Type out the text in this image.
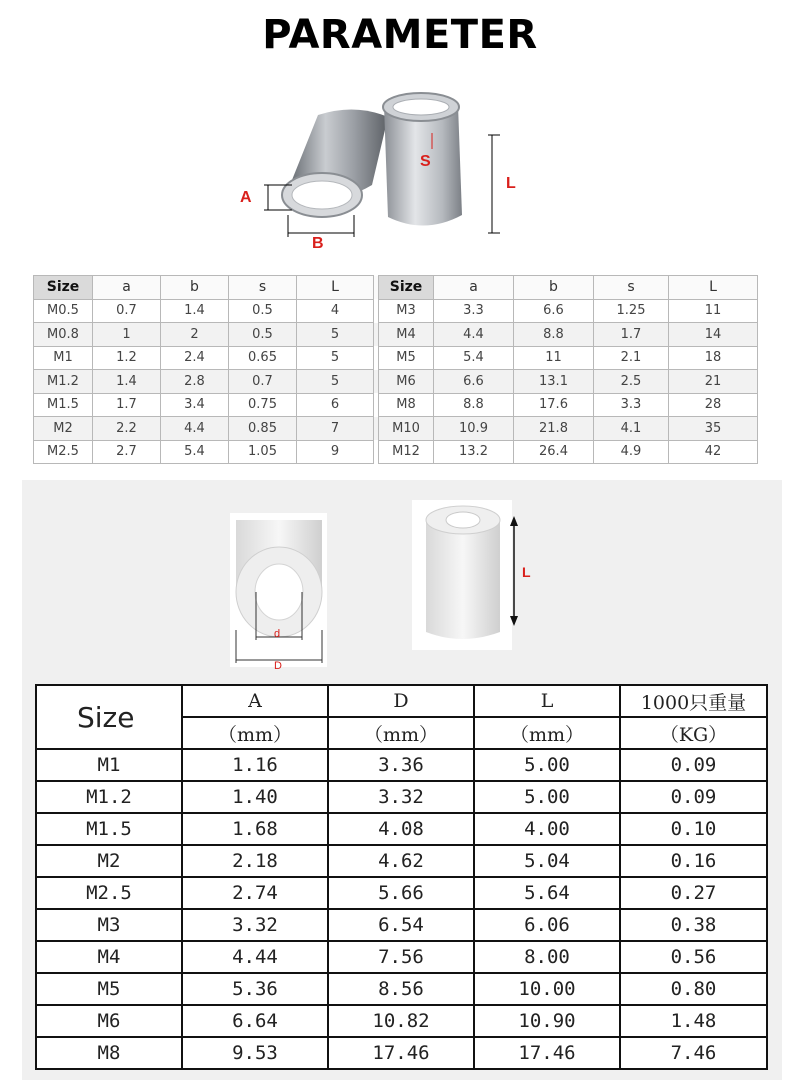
PARAMETER
A
B
S
L
Size	a	b	s	L		Size	a	b	s	L
M0.5	0.7	1.4	0.5	4		M3	3.3	6.6	1.25	11
M0.8	1	2	0.5	5		M4	4.4	8.8	1.7	14
M1	1.2	2.4	0.65	5		M5	5.4	11	2.1	18
M1.2	1.4	2.8	0.7	5		M6	6.6	13.1	2.5	21
M1.5	1.7	3.4	0.75	6		M8	8.8	17.6	3.3	28
M2	2.2	4.4	0.85	7		M10	10.9	21.8	4.1	35
M2.5	2.7	5.4	1.05	9		M12	13.2	26.4	4.9	42
d
D
L
Size	A	D	L	1000只重量
	（mm）	（mm）	（mm）	（KG）
M1	1.16	3.36	5.00	0.09
M1.2	1.40	3.32	5.00	0.09
M1.5	1.68	4.08	4.00	0.10
M2	2.18	4.62	5.04	0.16
M2.5	2.74	5.66	5.64	0.27
M3	3.32	6.54	6.06	0.38
M4	4.44	7.56	8.00	0.56
M5	5.36	8.56	10.00	0.80
M6	6.64	10.82	10.90	1.48
M8	9.53	17.46	17.46	7.46
